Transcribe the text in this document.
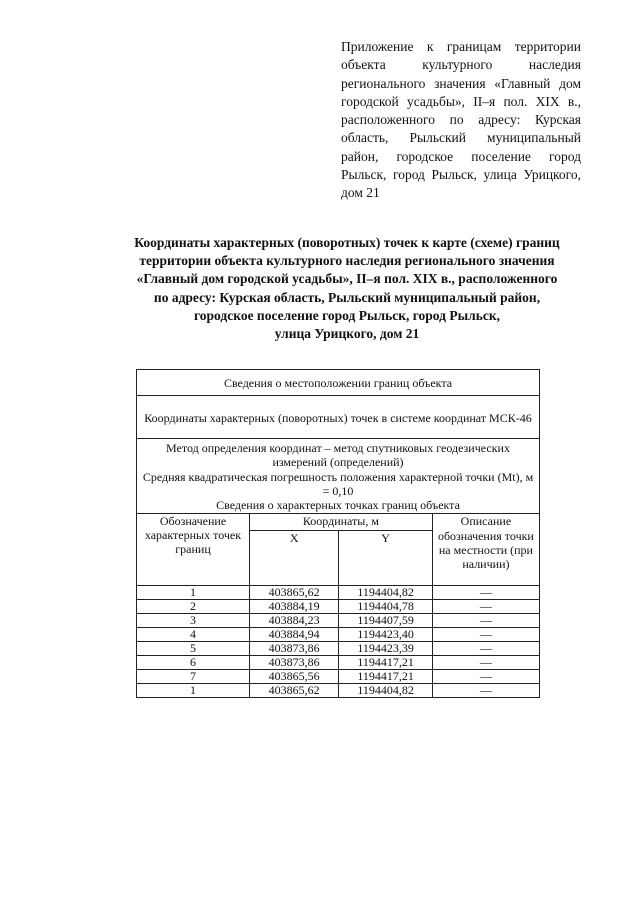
Приложение к границам территории объекта культурного наследия регионального значения «Главный дом городской усадьбы», II–я пол. XIX в., расположенного по адресу: Курская область, Рыльский муниципальный район, городское поселение город Рыльск, город Рыльск, улица Урицкого, дом 21
Координаты характерных (поворотных) точек к карте (схеме) границ
территории объекта культурного наследия регионального значения
«Главный дом городской усадьбы», II–я пол. XIX в., расположенного
по адресу: Курская область, Рыльский муниципальный район,
городское поселение город Рыльск, город Рыльск,
улица Урицкого, дом 21
Сведения о местоположении границ объекта			
Координаты характерных (поворотных) точек в системе координат МСК-46			

Метод определения координат – метод спутниковых геодезических измерений (определений)
Средняя квадратическая погрешность положения характерной точки (Mt), м = 0,10
Сведения о характерных точках границ объекта			

Обозначение характерных точек границ	Координаты, м		Описание обозначения точки на местности (при наличии)

	X	Y	
1	403865,62	1194404,82	—
2	403884,19	1194404,78	—
3	403884,23	1194407,59	—
4	403884,94	1194423,40	—
5	403873,86	1194423,39	—
6	403873,86	1194417,21	—
7	403865,56	1194417,21	—
1	403865,62	1194404,82	—
